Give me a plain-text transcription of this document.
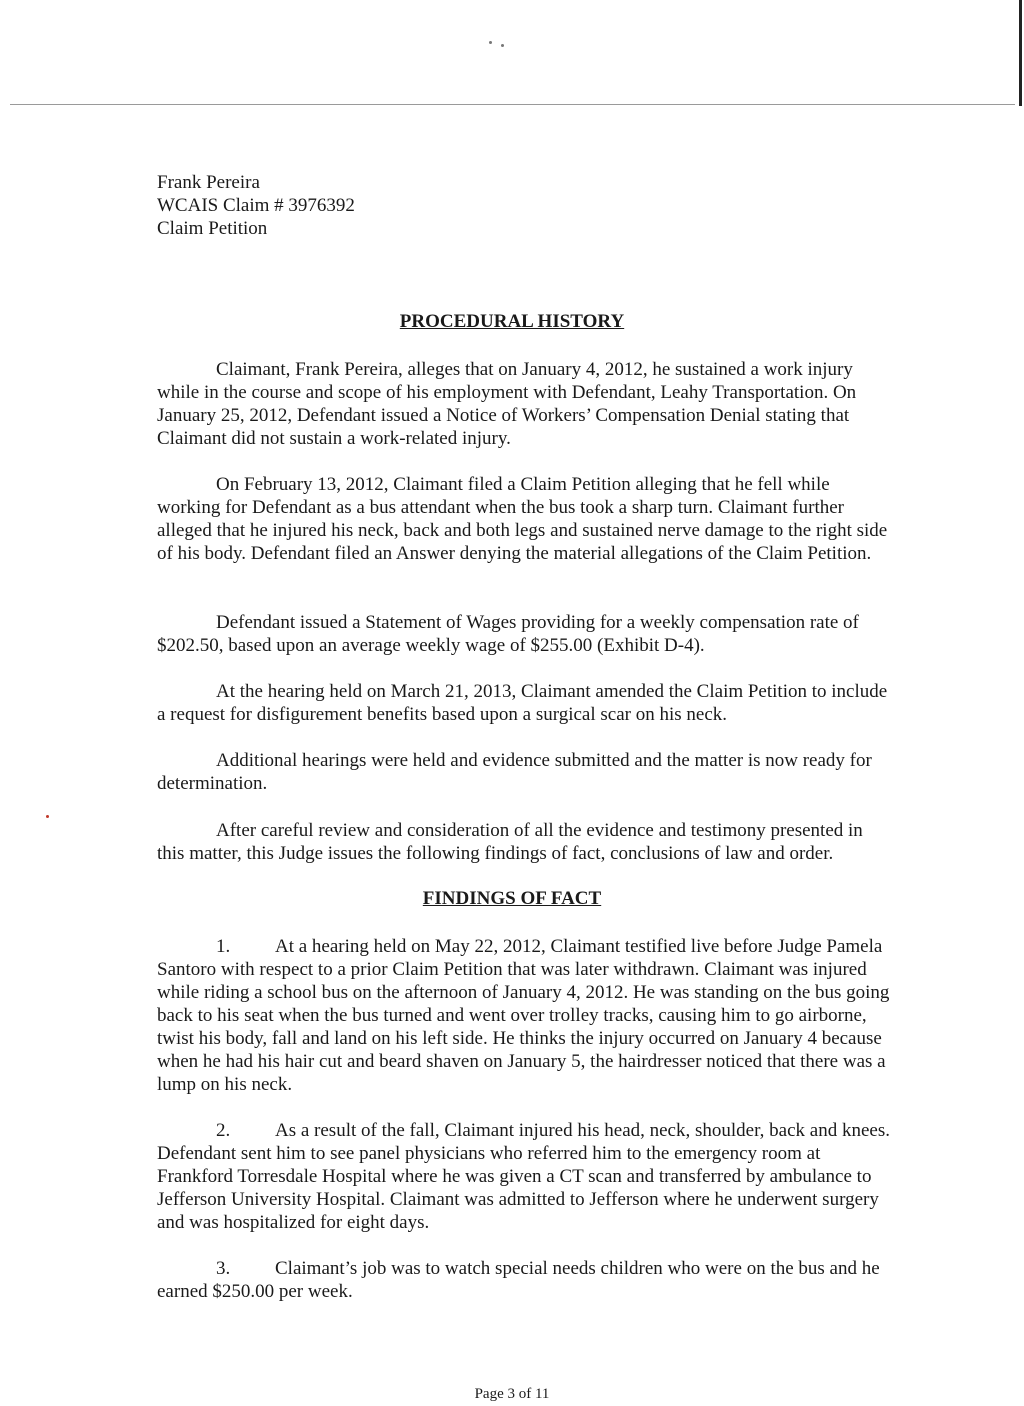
Frank Pereira
WCAIS Claim # 3976392
Claim Petition
PROCEDURAL HISTORY
Claimant, Frank Pereira, alleges that on January 4, 2012, he sustained a work injury while in the course and scope of his employment with Defendant, Leahy Transportation. On January 25, 2012, Defendant issued a Notice of Workers’ Compensation Denial stating that Claimant did not sustain a work-related injury.
On February 13, 2012, Claimant filed a Claim Petition alleging that he fell while working for Defendant as a bus attendant when the bus took a sharp turn. Claimant further alleged that he injured his neck, back and both legs and sustained nerve damage to the right side of his body. Defendant filed an Answer denying the material allegations of the Claim Petition.
Defendant issued a Statement of Wages providing for a weekly compensation rate of $202.50, based upon an average weekly wage of $255.00 (Exhibit D-4).
At the hearing held on March 21, 2013, Claimant amended the Claim Petition to include a request for disfigurement benefits based upon a surgical scar on his neck.
Additional hearings were held and evidence submitted and the matter is now ready for determination.
After careful review and consideration of all the evidence and testimony presented in this matter, this Judge issues the following findings of fact, conclusions of law and order.
FINDINGS OF FACT
1. At a hearing held on May 22, 2012, Claimant testified live before Judge Pamela Santoro with respect to a prior Claim Petition that was later withdrawn. Claimant was injured while riding a school bus on the afternoon of January 4, 2012. He was standing on the bus going back to his seat when the bus turned and went over trolley tracks, causing him to go airborne, twist his body, fall and land on his left side. He thinks the injury occurred on January 4 because when he had his hair cut and beard shaven on January 5, the hairdresser noticed that there was a lump on his neck.
2. As a result of the fall, Claimant injured his head, neck, shoulder, back and knees. Defendant sent him to see panel physicians who referred him to the emergency room at Frankford Torresdale Hospital where he was given a CT scan and transferred by ambulance to Jefferson University Hospital. Claimant was admitted to Jefferson where he underwent surgery and was hospitalized for eight days.
3. Claimant’s job was to watch special needs children who were on the bus and he earned $250.00 per week.
Page 3 of 11
